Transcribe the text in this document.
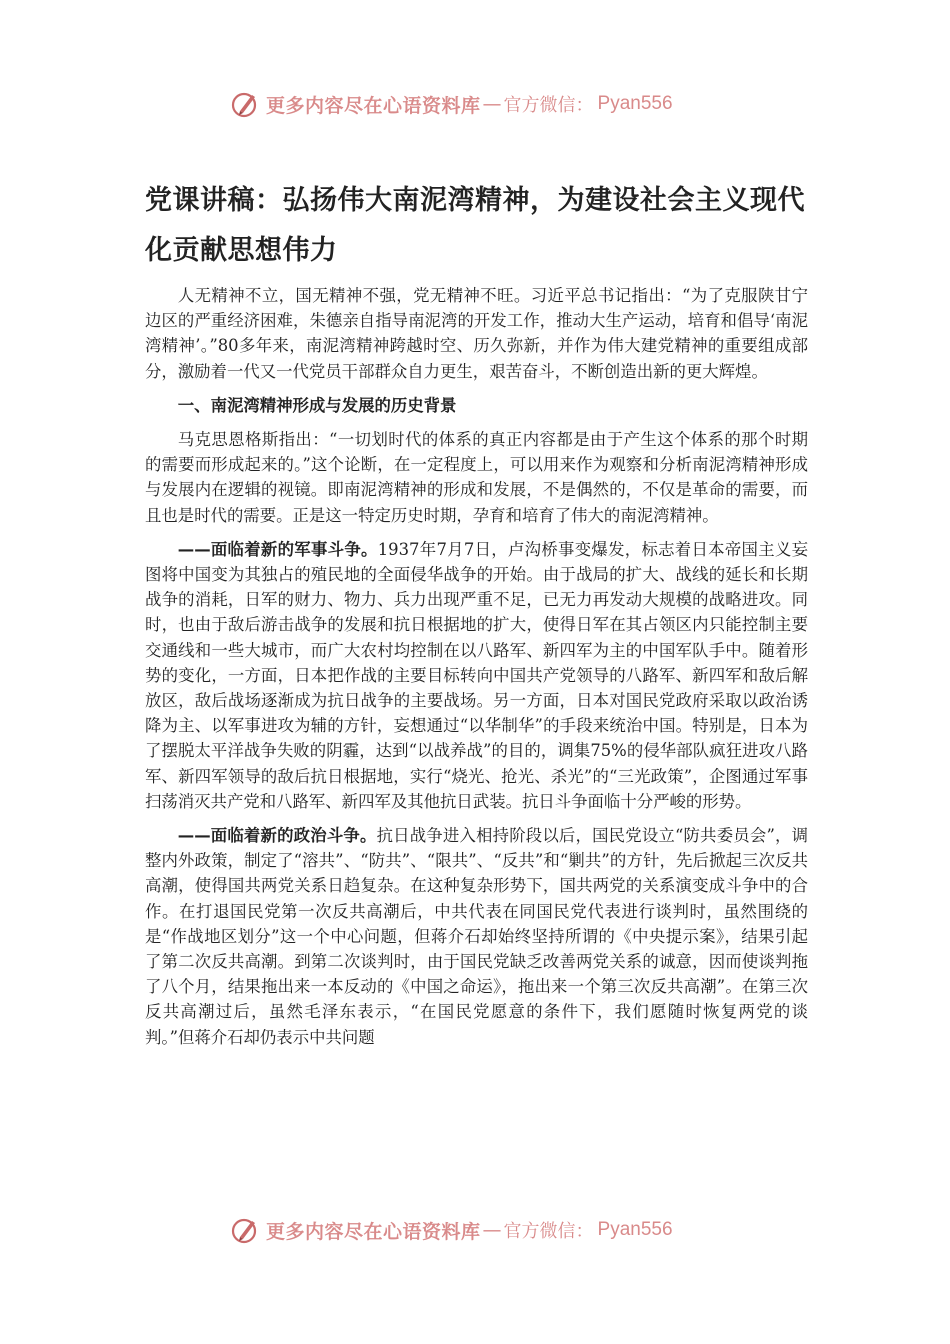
更多内容尽在心语资料库 — 官方微信： Pyan556
党课讲稿：弘扬伟大南泥湾精神，为建设社会主义现代化贡献思想伟力

人无精神不立，国无精神不强，党无精神不旺。习近平总书记指出：“为了克服陕甘宁边区的严重经济困难，朱德亲自指导南泥湾的开发工作，推动大生产运动，培育和倡导‘南泥湾精神’。”80多年来，南泥湾精神跨越时空、历久弥新，并作为伟大建党精神的重要组成部分，激励着一代又一代党员干部群众自力更生，艰苦奋斗，不断创造出新的更大辉煌。

一、南泥湾精神形成与发展的历史背景

马克思恩格斯指出：“一切划时代的体系的真正内容都是由于产生这个体系的那个时期的需要而形成起来的。”这个论断，在一定程度上，可以用来作为观察和分析南泥湾精神形成与发展内在逻辑的视镜。即南泥湾精神的形成和发展，不是偶然的，不仅是革命的需要，而且也是时代的需要。正是这一特定历史时期，孕育和培育了伟大的南泥湾精神。

——面临着新的军事斗争。1937年7月7日，卢沟桥事变爆发，标志着日本帝国主义妄图将中国变为其独占的殖民地的全面侵华战争的开始。由于战局的扩大、战线的延长和长期战争的消耗，日军的财力、物力、兵力出现严重不足，已无力再发动大规模的战略进攻。同时，也由于敌后游击战争的发展和抗日根据地的扩大，使得日军在其占领区内只能控制主要交通线和一些大城市，而广大农村均控制在以八路军、新四军为主的中国军队手中。随着形势的变化，一方面，日本把作战的主要目标转向中国共产党领导的八路军、新四军和敌后解放区，敌后战场逐渐成为抗日战争的主要战场。另一方面，日本对国民党政府采取以政治诱降为主、以军事进攻为辅的方针，妄想通过“以华制华”的手段来统治中国。特别是，日本为了摆脱太平洋战争失败的阴霾，达到“以战养战”的目的，调集75%的侵华部队疯狂进攻八路军、新四军领导的敌后抗日根据地，实行“烧光、抢光、杀光”的“三光政策”，企图通过军事扫荡消灭共产党和八路军、新四军及其他抗日武装。抗日斗争面临十分严峻的形势。

——面临着新的政治斗争。抗日战争进入相持阶段以后，国民党设立“防共委员会”，调整内外政策，制定了“溶共”、“防共”、“限共”、“反共”和“剿共”的方针，先后掀起三次反共高潮，使得国共两党关系日趋复杂。在这种复杂形势下，国共两党的关系演变成斗争中的合作。在打退国民党第一次反共高潮后，中共代表在同国民党代表进行谈判时，虽然围绕的是“作战地区划分”这一个中心问题，但蒋介石却始终坚持所谓的《中央提示案》，结果引起了第二次反共高潮。到第二次谈判时，由于国民党缺乏改善两党关系的诚意，因而使谈判拖了八个月，结果拖出来一本反动的《中国之命运》，拖出来一个第三次反共高潮”。在第三次反共高潮过后，虽然毛泽东表示，“在国民党愿意的条件下，我们愿随时恢复两党的谈判。”但蒋介石却仍表示中共问题

更多内容尽在心语资料库 — 官方微信： Pyan556
